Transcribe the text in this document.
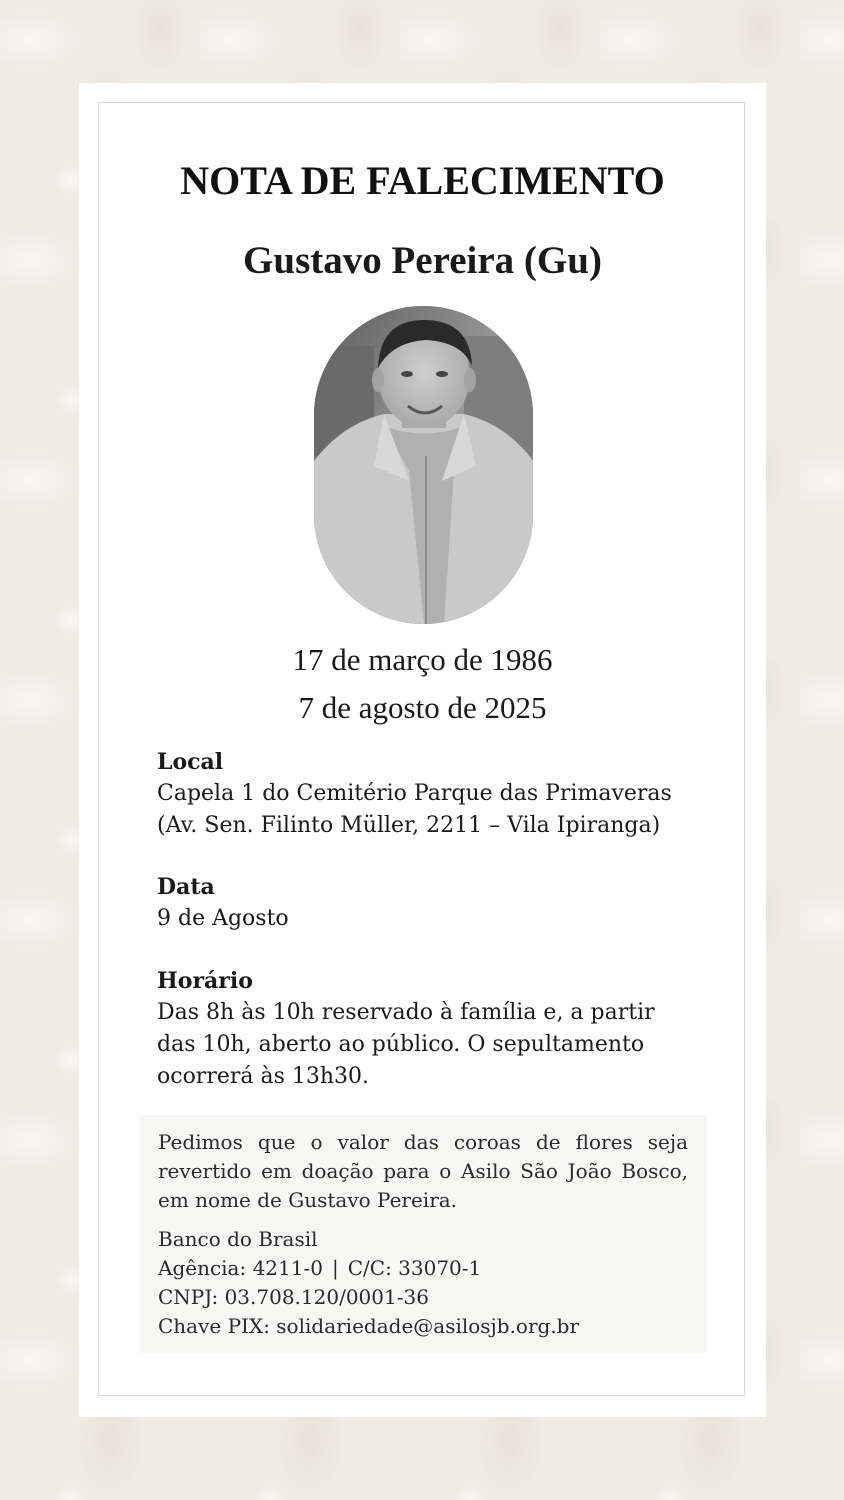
NOTA DE FALECIMENTO
Gustavo Pereira (Gu)
17 de março de 1986
7 de agosto de 2025
Local
Capela 1 do Cemitério Parque das Primaveras
(Av. Sen. Filinto Müller, 2211 – Vila Ipiranga)
Data
9 de Agosto
Horário
Das 8h às 10h reservado à família e, a partir
das 10h, aberto ao público. O sepultamento
ocorrerá às 13h30.

Pedimos que o valor das coroas de flores seja revertido em doação para o Asilo São João Bosco, em nome de Gustavo Pereira.

Banco do Brasil
Agência: 4211-0 | C/C: 33070-1
CNPJ: 03.708.120/0001-36
Chave PIX: solidariedade@asilosjb.org.br
